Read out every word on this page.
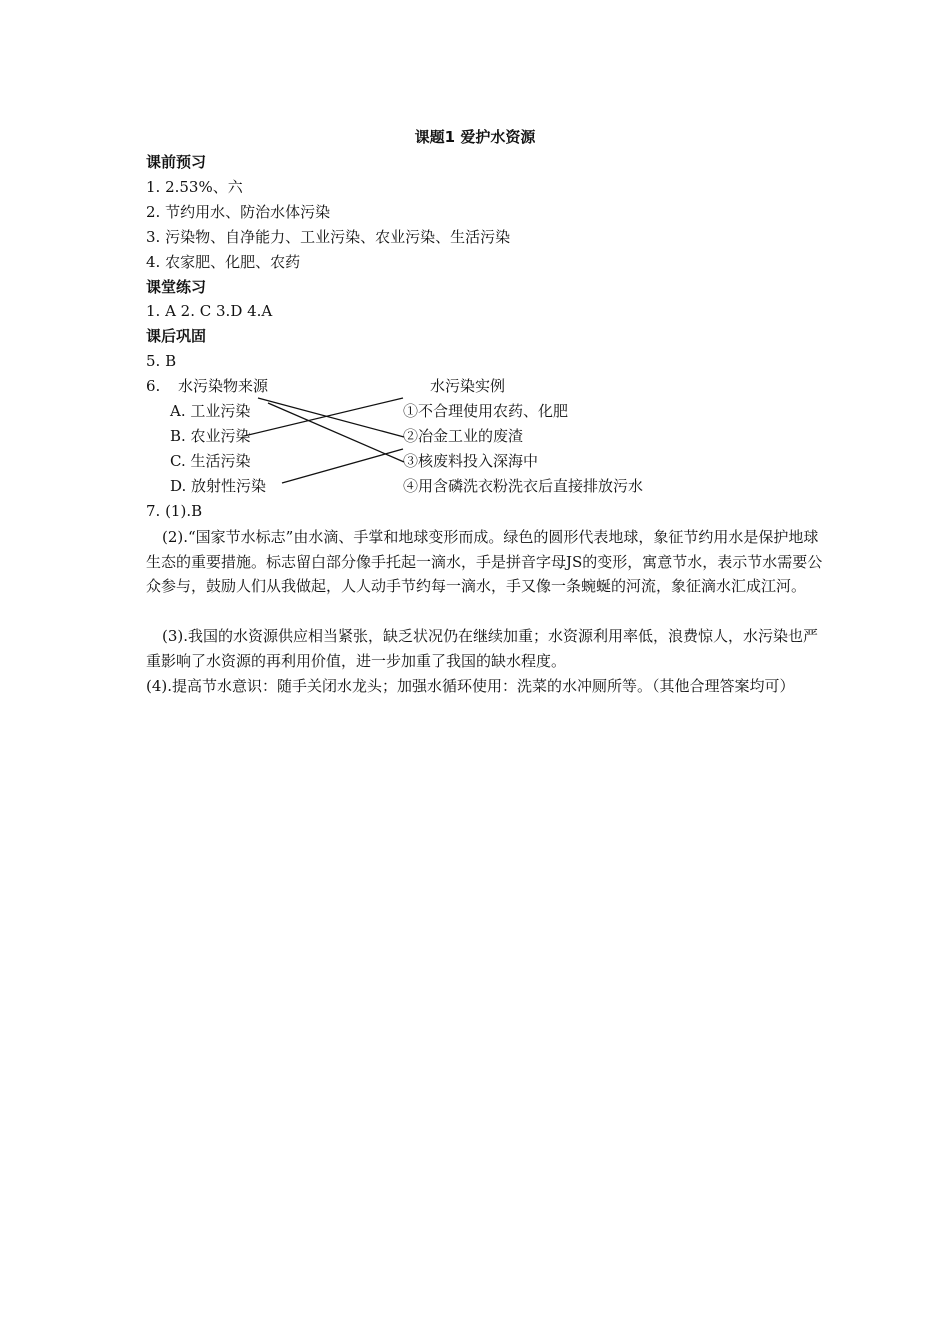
课题1 爱护水资源
课前预习
1. 2.53%、六
2. 节约用水、防治水体污染
3. 污染物、自净能力、工业污染、农业污染、生活污染
4. 农家肥、化肥、农药
课堂练习
1. A 2. C 3.D 4.A
课后巩固
5. B
6. 水污染物来源	水污染实例
A. 工业污染
B. 农业污染
C. 生活污染
D. 放射性污染
①不合理使用农药、化肥
②冶金工业的废渣
③核废料投入深海中
④用含磷洗衣粉洗衣后直接排放污水
7. (1).B
(2).“国家节水标志”由水滴、手掌和地球变形而成。绿色的圆形代表地球，象征节约用水是保护地球生态的重要措施。标志留白部分像手托起一滴水，手是拼音字母JS的变形，寓意节水，表示节水需要公众参与，鼓励人们从我做起，人人动手节约每一滴水，手又像一条蜿蜒的河流，象征滴水汇成江河。
(3).我国的水资源供应相当紧张，缺乏状况仍在继续加重；水资源利用率低，浪费惊人，水污染也严重影响了水资源的再利用价值，进一步加重了我国的缺水程度。
(4).提高节水意识：随手关闭水龙头；加强水循环使用：洗菜的水冲厕所等。（其他合理答案均可）
